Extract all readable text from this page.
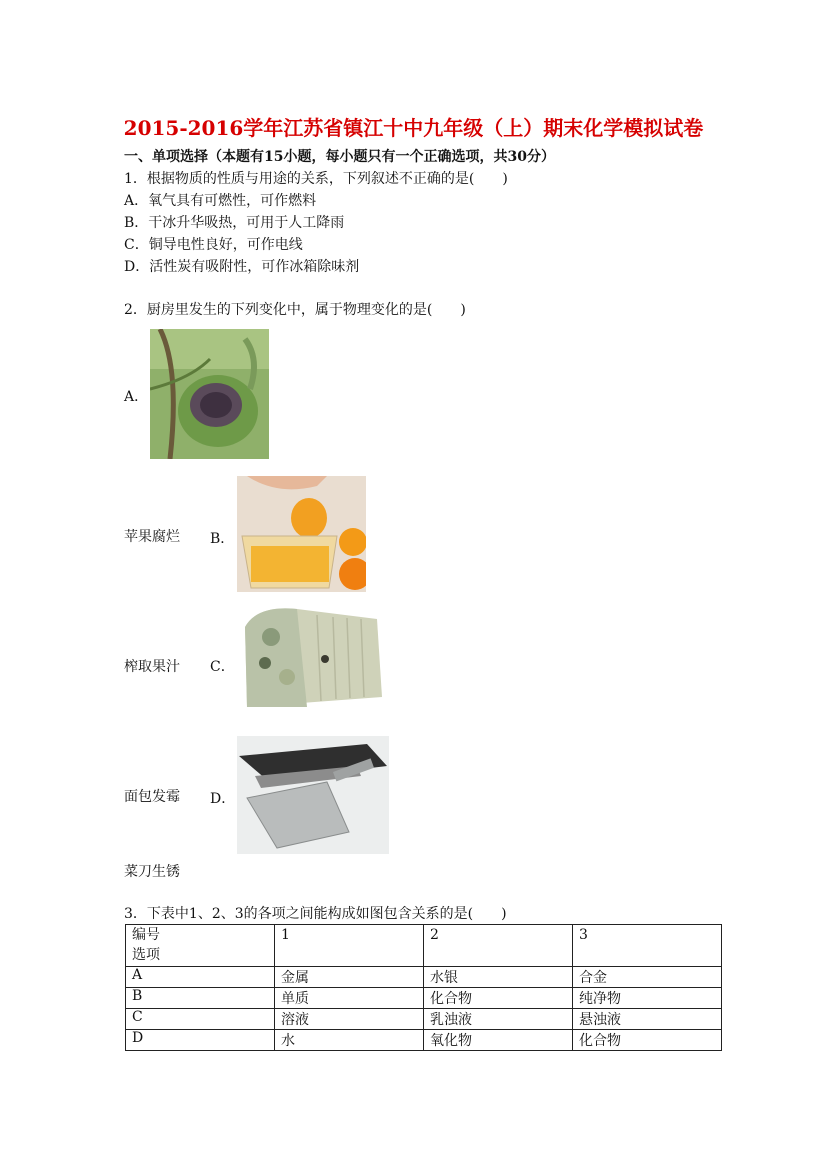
2015-2016学年江苏省镇江十中九年级（上）期末化学模拟试卷
一、单项选择（本题有15小题，每小题只有一个正确选项，共30分）
1．根据物质的性质与用途的关系，下列叙述不正确的是(　　)
A．氧气具有可燃性，可作燃料
B．干冰升华吸热，可用于人工降雨
C．铜导电性良好，可作电线
D．活性炭有吸附性，可作冰箱除味剂
2．厨房里发生的下列变化中，属于物理变化的是(　　)
A．
苹果腐烂 B．
榨取果汁 C．
面包发霉 D．
菜刀生锈
3．下表中1、2、3的各项之间能构成如图包含关系的是(　　)
编号
选项	1	2	3
A	金属	水银	合金
B	单质	化合物	纯净物
C	溶液	乳浊液	悬浊液
D	水	氧化物	化合物
